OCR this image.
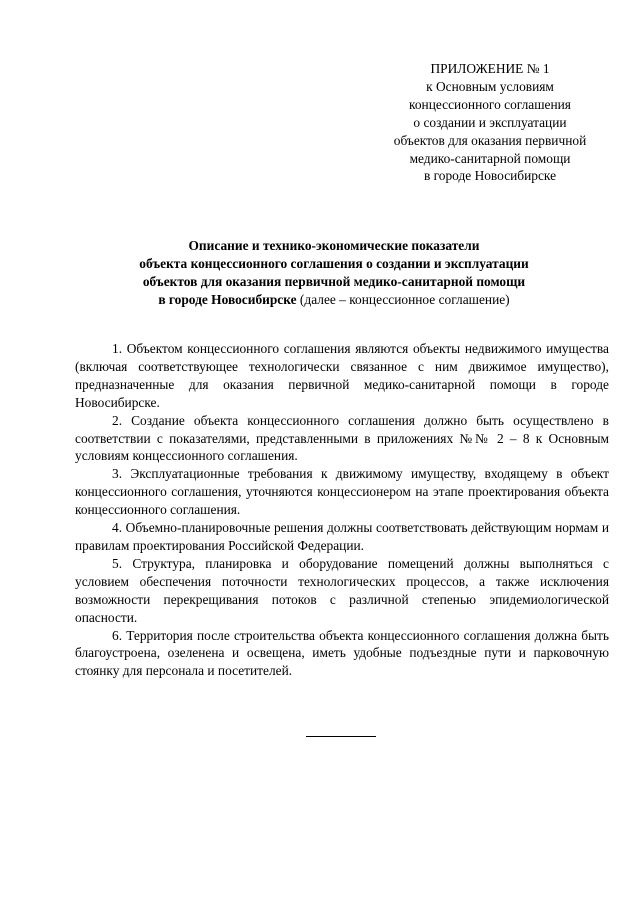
ПРИЛОЖЕНИЕ № 1
к Основным условиям
концессионного соглашения
о создании и эксплуатации
объектов для оказания первичной
медико-санитарной помощи
в городе Новосибирске
Описание и технико-экономические показатели
объекта концессионного соглашения о создании и эксплуатации
объектов для оказания первичной медико-санитарной помощи
в городе Новосибирске (далее – концессионное соглашение)

1. Объектом концессионного соглашения являются объекты недвижимого имущества (включая соответствующее технологически связанное с ним движимое имущество), предназначенные для оказания первичной медико-санитарной помощи в городе Новосибирске.

2. Создание объекта концессионного соглашения должно быть осуществлено в соответствии с показателями, представленными в приложениях №№ 2 – 8 к Основным условиям концессионного соглашения.

3. Эксплуатационные требования к движимому имуществу, входящему в объект концессионного соглашения, уточняются концессионером на этапе проектирования объекта концессионного соглашения.

4. Объемно-планировочные решения должны соответствовать действующим нормам и правилам проектирования Российской Федерации.

5. Структура, планировка и оборудование помещений должны выполняться с условием обеспечения поточности технологических процессов, а также исключения возможности перекрещивания потоков с различной степенью эпидемиологической опасности.

6. Территория после строительства объекта концессионного соглашения должна быть благоустроена, озеленена и освещена, иметь удобные подъездные пути и парковочную стоянку для персонала и посетителей.
